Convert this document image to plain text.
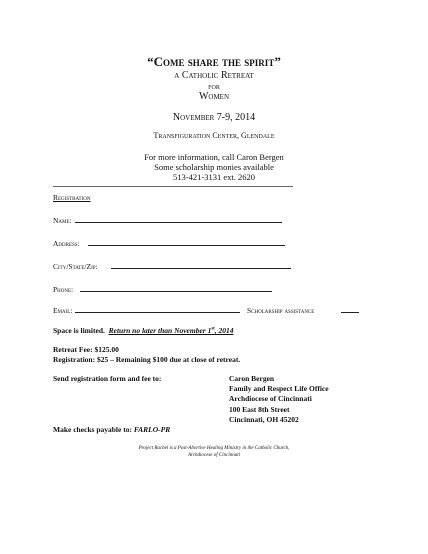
“Come share the spirit”
a Catholic Retreat
for
Women
November 7-9, 2014
Transfiguration Center, Glendale
For more information, call Caron Bergen
Some scholarship monies available
513-421-3131 ext. 2620
Registration
Name:
Address:
City/State/Zip:
Phone:
Email:	Scholarship assistance
Space is limited. Return no later than November 1st, 2014
Retreat Fee: $125.00
Registration: $25 – Remaining $100 due at close of retreat.
Send registration form and fee to:	Caron Bergen
Family and Respect Life Office
Archdiocese of Cincinnati
100 East 8th Street
Cincinnati, OH 45202
Make checks payable to: FARLO-PR
Project Rachel is a Post-Abortive Healing Ministry in the Catholic Church,
Archdiocese of Cincinnati
